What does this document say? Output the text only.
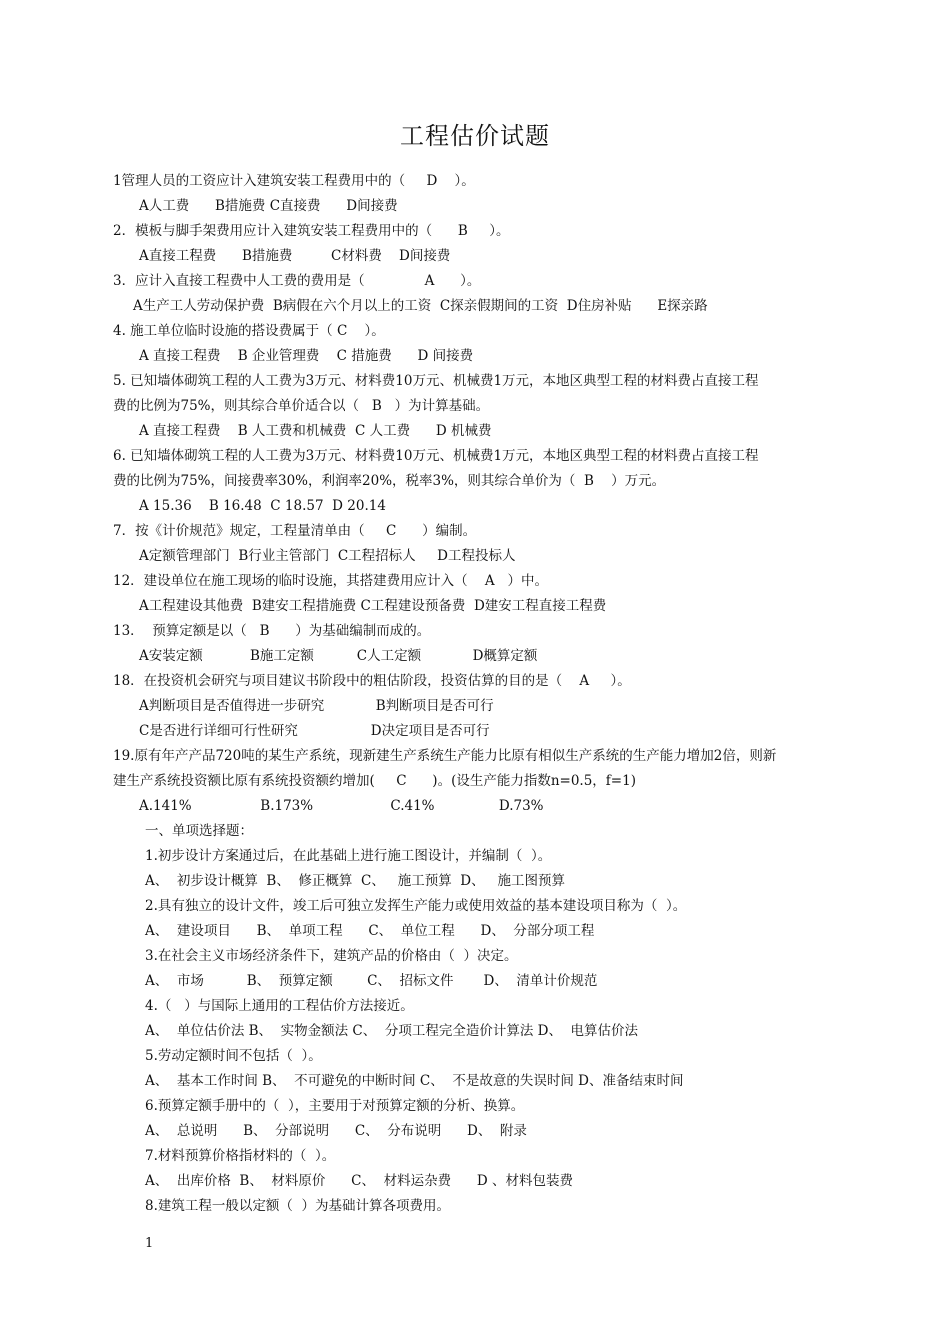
工程估价试题
1管理人员的工资应计入建筑安装工程费用中的（     D    ）。
A人工费      B措施费 C直接费      D间接费
2．模板与脚手架费用应计入建筑安装工程费用中的（      B     ）。
A直接工程费      B措施费         C材料费    D间接费
3．应计入直接工程费中人工费的费用是（              A      ）。
A生产工人劳动保护费  B病假在六个月以上的工资  C探亲假期间的工资  D住房补贴      E探亲路
4. 施工单位临时设施的搭设费属于（ C    ）。
A 直接工程费    B 企业管理费    C 措施费      D 间接费
5. 已知墙体砌筑工程的人工费为3万元、材料费10万元、机械费1万元，本地区典型工程的材料费占直接工程
费的比例为75%，则其综合单价适合以（   B   ）为计算基础。
A 直接工程费    B 人工费和机械费  C 人工费      D 机械费
6. 已知墙体砌筑工程的人工费为3万元、材料费10万元、机械费1万元，本地区典型工程的材料费占直接工程
费的比例为75%，间接费率30%，利润率20%，税率3%，则其综合单价为（  B    ）万元。
A 15.36    B 16.48  C 18.57  D 20.14
7．按《计价规范》规定，工程量清单由（     C      ）编制。
A定额管理部门  B行业主管部门  C工程招标人     D工程投标人
12．建设单位在施工现场的临时设施，其搭建费用应计入（    A   ）中。
A工程建设其他费  B建安工程措施费 C工程建设预备费  D建安工程直接工程费
13．  预算定额是以（   B      ）为基础编制而成的。
A安装定额           B施工定额          C人工定额            D概算定额
18．在投资机会研究与项目建议书阶段中的粗估阶段，投资估算的目的是（    A     ）。
A判断项目是否值得进一步研究            B判断项目是否可行
C是否进行详细可行性研究                 D决定项目是否可行
19.原有年产产品720吨的某生产系统，现新建生产系统生产能力比原有相似生产系统的生产能力增加2倍，则新
建生产系统投资额比原有系统投资额约增加(     C      )。(设生产能力指数n=0.5，f=1)
A.141%                B.173%                  C.41%               D.73%
一、单项选择题：
1.初步设计方案通过后，在此基础上进行施工图设计，并编制（  ）。
A、  初步设计概算  B、  修正概算  C、   施工预算  D、   施工图预算
2.具有独立的设计文件，竣工后可独立发挥生产能力或使用效益的基本建设项目称为（  ）。
A、  建设项目      B、  单项工程      C、  单位工程      D、  分部分项工程
3.在社会主义市场经济条件下，建筑产品的价格由（  ）决定。
A、  市场          B、  预算定额        C、  招标文件       D、  清单计价规范
4.（   ）与国际上通用的工程估价方法接近。
A、  单位估价法 B、  实物金额法 C、  分项工程完全造价计算法 D、  电算估价法
5.劳动定额时间不包括（  ）。
A、  基本工作时间 B、  不可避免的中断时间 C、  不是故意的失误时间 D、准备结束时间
6.预算定额手册中的（  ），主要用于对预算定额的分析、换算。
A、  总说明      B、  分部说明      C、  分布说明      D、  附录
7.材料预算价格指材料的（  ）。
A、  出库价格  B、  材料原价      C、  材料运杂费      D 、材料包装费
8.建筑工程一般以定额（  ）为基础计算各项费用。
1
